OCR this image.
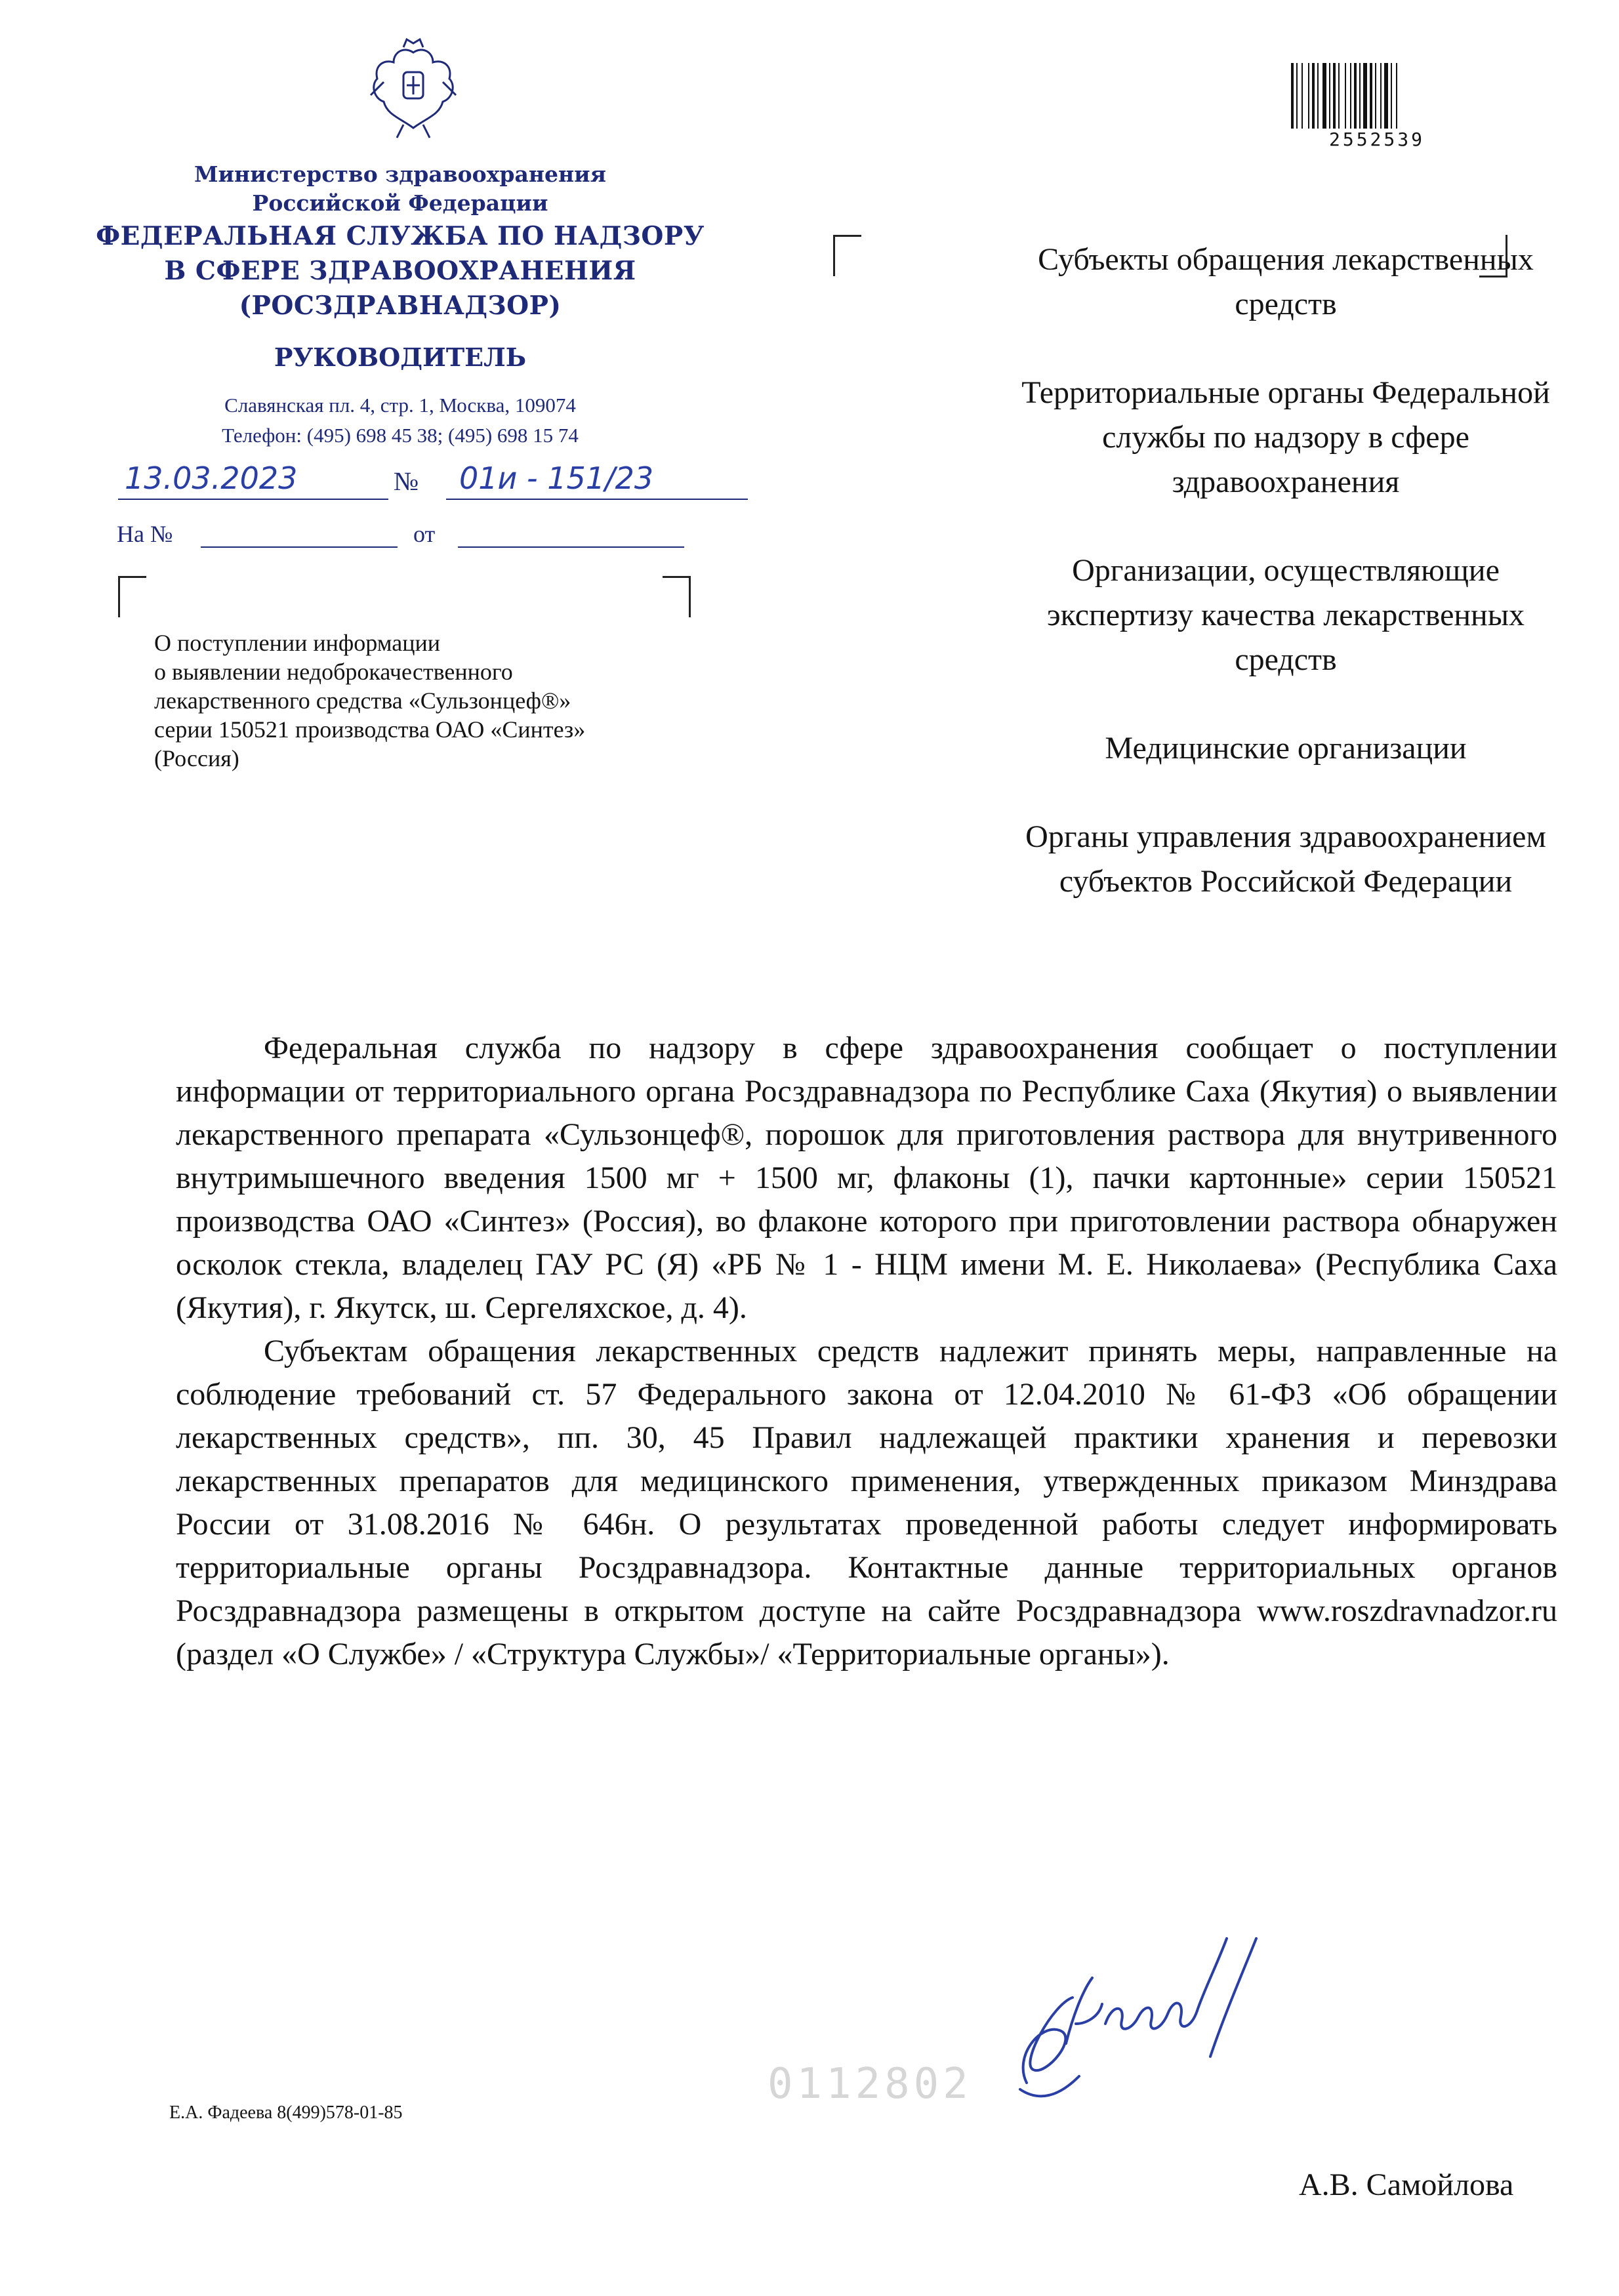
Министерство здравоохранения
Российской Федерации
ФЕДЕРАЛЬНАЯ СЛУЖБА ПО НАДЗОРУ
В СФЕРЕ ЗДРАВООХРАНЕНИЯ
(РОСЗДРАВНАДЗОР)
РУКОВОДИТЕЛЬ
Славянская пл. 4, стр. 1, Москва, 109074
Телефон: (495) 698 45 38; (495) 698 15 74
13.03.2023	№ 01и - 151/23
На №	от
О поступлении информации
о выявлении недоброкачественного
лекарственного средства «Сульзонцеф®»
серии 150521 производства ОАО «Синтез»
(Россия)
2552539
Субъекты обращения лекарственных средств
Территориальные органы Федеральной службы по надзору в сфере здравоохранения
Организации, осуществляющие экспертизу качества лекарственных средств
Медицинские организации
Органы управления здравоохранением субъектов Российской Федерации

Федеральная служба по надзору в сфере здравоохранения сообщает о поступлении информации от территориального органа Росздравнадзора по Республике Саха (Якутия) о выявлении лекарственного препарата «Сульзонцеф®, порошок для приготовления раствора для внутривенного внутримышечного введения 1500 мг + 1500 мг, флаконы (1), пачки картонные» серии 150521 производства ОАО «Синтез» (Россия), во флаконе которого при приготовлении раствора обнаружен осколок стекла, владелец ГАУ РС (Я) «РБ № 1 - НЦМ имени М. Е. Николаева» (Республика Саха (Якутия), г. Якутск, ш. Сергеляхское, д. 4).

Субъектам обращения лекарственных средств надлежит принять меры, направленные на соблюдение требований ст. 57 Федерального закона от 12.04.2010 № 61-ФЗ «Об обращении лекарственных средств», пп. 30, 45 Правил надлежащей практики хранения и перевозки лекарственных препаратов для медицинского применения, утвержденных приказом Минздрава России от 31.08.2016 № 646н. О результатах проведенной работы следует информировать территориальные органы Росздравнадзора. Контактные данные территориальных органов Росздравнадзора размещены в открытом доступе на сайте Росздравнадзора www.roszdravnadzor.ru (раздел «О Службе» / «Структура Службы»/ «Территориальные органы»).

А.В. Самойлова
0112802
Е.А. Фадеева 8(499)578-01-85
